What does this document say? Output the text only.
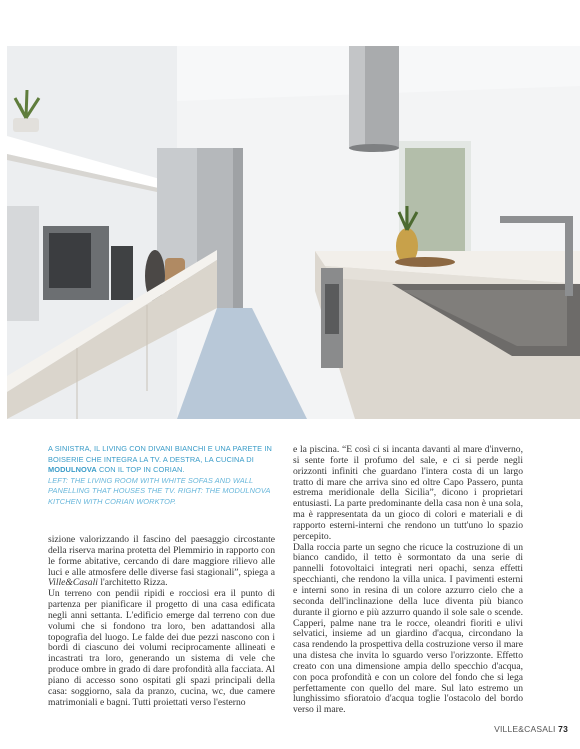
A SINISTRA, IL LIVING CON DIVANI BIANCHI E UNA PARETE IN BOISERIE CHE INTEGRA LA TV. A DESTRA, LA CUCINA DI MODULNOVA CON IL TOP IN CORIAN.

LEFT: THE LIVING ROOM WITH WHITE SOFAS AND WALL PANELLING THAT HOUSES THE TV. RIGHT: THE MODULNOVA KITCHEN WITH CORIAN WORKTOP.

sizione valorizzando il fascino del paesaggio circostante della riserva marina protetta del Plemmirio in rapporto con le forme abitative, cercando di dare maggiore rilievo alle luci e alle atmosfere delle diverse fasi stagionali”, spiega a Ville&Casali l'architetto Rizza.

Un terreno con pendii ripidi e rocciosi era il punto di partenza per pianificare il progetto di una casa edificata negli anni settanta. L'edificio emerge dal terreno con due volumi che si fondono tra loro, ben adattandosi alla topografia del luogo. Le falde dei due pezzi nascono con i bordi di ciascuno dei volumi reciprocamente allineati e incastrati tra loro, generando un sistema di vele che produce ombre in grado di dare profondità alla facciata. Al piano di accesso sono ospitati gli spazi principali della casa: soggiorno, sala da pranzo, cucina, wc, due camere matrimoniali e bagni. Tutti proiettati verso l'esterno

e la piscina. “E così ci si incanta davanti al mare d'inverno, si sente forte il profumo del sale, e ci si perde negli orizzonti infiniti che guardano l'intera costa di un largo tratto di mare che arriva sino ed oltre Capo Passero, punta estrema meridionale della Sicilia”, dicono i proprietari entusiasti. La parte predominante della casa non è una sola, ma è rappresentata da un gioco di colori e materiali e di rapporto esterni-interni che rendono un tutt'uno lo spazio percepito.

Dalla roccia parte un segno che ricuce la costruzione di un bianco candido, il tetto è sormontato da una serie di pannelli fotovoltaici integrati neri opachi, senza effetti specchianti, che rendono la villa unica. I pavimenti esterni e interni sono in resina di un colore azzurro cielo che a seconda dell'inclinazione della luce diventa più bianco durante il giorno e più azzurro quando il sole sale o scende. Capperi, palme nane tra le rocce, oleandri fioriti e ulivi selvatici, insieme ad un giardino d'acqua, circondano la casa rendendo la prospettiva della costruzione verso il mare una distesa che invita lo sguardo verso l'orizzonte. Effetto creato con una dimensione ampia dello specchio d'acqua, con poca profondità e con un colore del fondo che si lega perfettamente con quello del mare. Sul lato estremo un lunghissimo sfioratoio d'acqua toglie l'ostacolo del bordo verso il mare.

VILLE&CASALI 73
